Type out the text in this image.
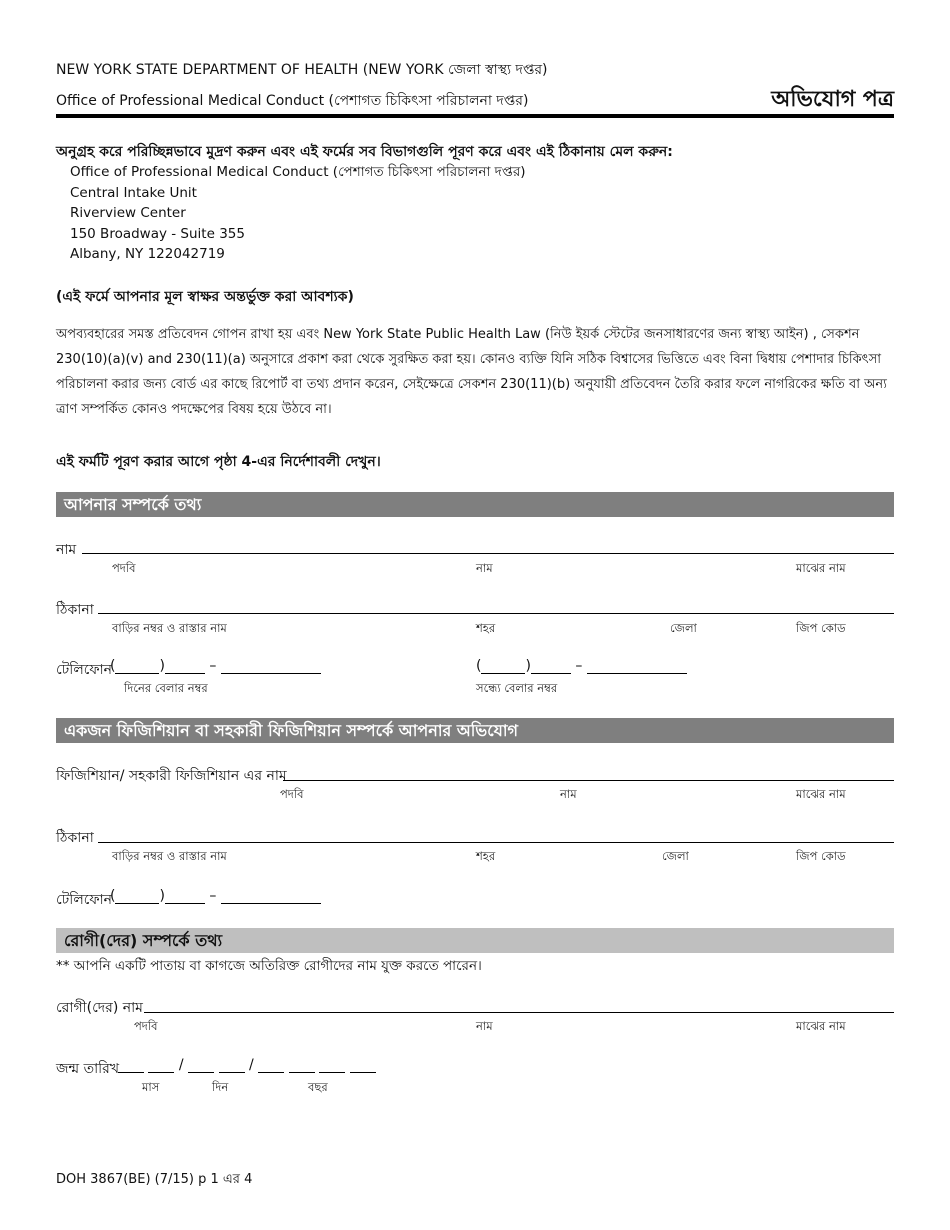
NEW YORK STATE DEPARTMENT OF HEALTH (NEW YORK জেলা স্বাস্থ্য দপ্তর)
Office of Professional Medical Conduct (পেশাগত চিকিৎসা পরিচালনা দপ্তর)	অভিযোগ পত্র
অনুগ্রহ করে পরিচ্ছিন্নভাবে মুদ্রণ করুন এবং এই ফর্মের সব বিভাগগুলি পূরণ করে এবং এই ঠিকানায় মেল করুন:
Office of Professional Medical Conduct (পেশাগত চিকিৎসা পরিচালনা দপ্তর)
Central Intake Unit
Riverview Center
150 Broadway - Suite 355
Albany, NY 122042719
(এই ফর্মে আপনার মূল স্বাক্ষর অন্তর্ভুক্ত করা আবশ্যক)
অপব্যবহারের সমস্ত প্রতিবেদন গোপন রাখা হয় এবং New York State Public Health Law (নিউ ইয়র্ক স্টেটের জনসাধারণের জন্য স্বাস্থ্য আইন) , সেকশন 230(10)(a)(v) and 230(11)(a) অনুসারে প্রকাশ করা থেকে সুরক্ষিত করা হয়। কোনও ব্যক্তি যিনি সঠিক বিশ্বাসের ভিত্তিতে এবং বিনা দ্বিধায় পেশাদার চিকিৎসা পরিচালনা করার জন্য বোর্ড এর কাছে রিপোর্ট বা তথ্য প্রদান করেন, সেইক্ষেত্রে সেকশন 230(11)(b) অনুযায়ী প্রতিবেদন তৈরি করার ফলে নাগরিকের ক্ষতি বা অন্য ত্রাণ সম্পর্কিত কোনও পদক্ষেপের বিষয় হয়ে উঠবে না।
এই ফর্মটি পূরণ করার আগে পৃষ্ঠা 4-এর নির্দেশাবলী দেখুন।
আপনার সম্পর্কে তথ্য
নাম
পদবি	নাম	মাঝের নাম
ঠিকানা
বাড়ির নম্বর ও রাস্তার নাম	শহর	জেলা	জিপ কোড
টেলিফোন
(	)	–
দিনের বেলার নম্বর
(	)	–
সন্ধ্যে বেলার নম্বর
একজন ফিজিশিয়ান বা সহকারী ফিজিশিয়ান সম্পর্কে আপনার অভিযোগ
ফিজিশিয়ান/ সহকারী ফিজিশিয়ান এর নাম
পদবি	নাম	মাঝের নাম
ঠিকানা
বাড়ির নম্বর ও রাস্তার নাম	শহর	জেলা	জিপ কোড
টেলিফোন
(	)	–
রোগী(দের) সম্পর্কে তথ্য
** আপনি একটি পাতায় বা কাগজে অতিরিক্ত রোগীদের নাম যুক্ত করতে পারেন।
রোগী(দের) নাম
পদবি	নাম	মাঝের নাম
জন্ম তারিখ	/	/
মাস	দিন	বছর
DOH 3867(BE) (7/15) p 1 এর 4
